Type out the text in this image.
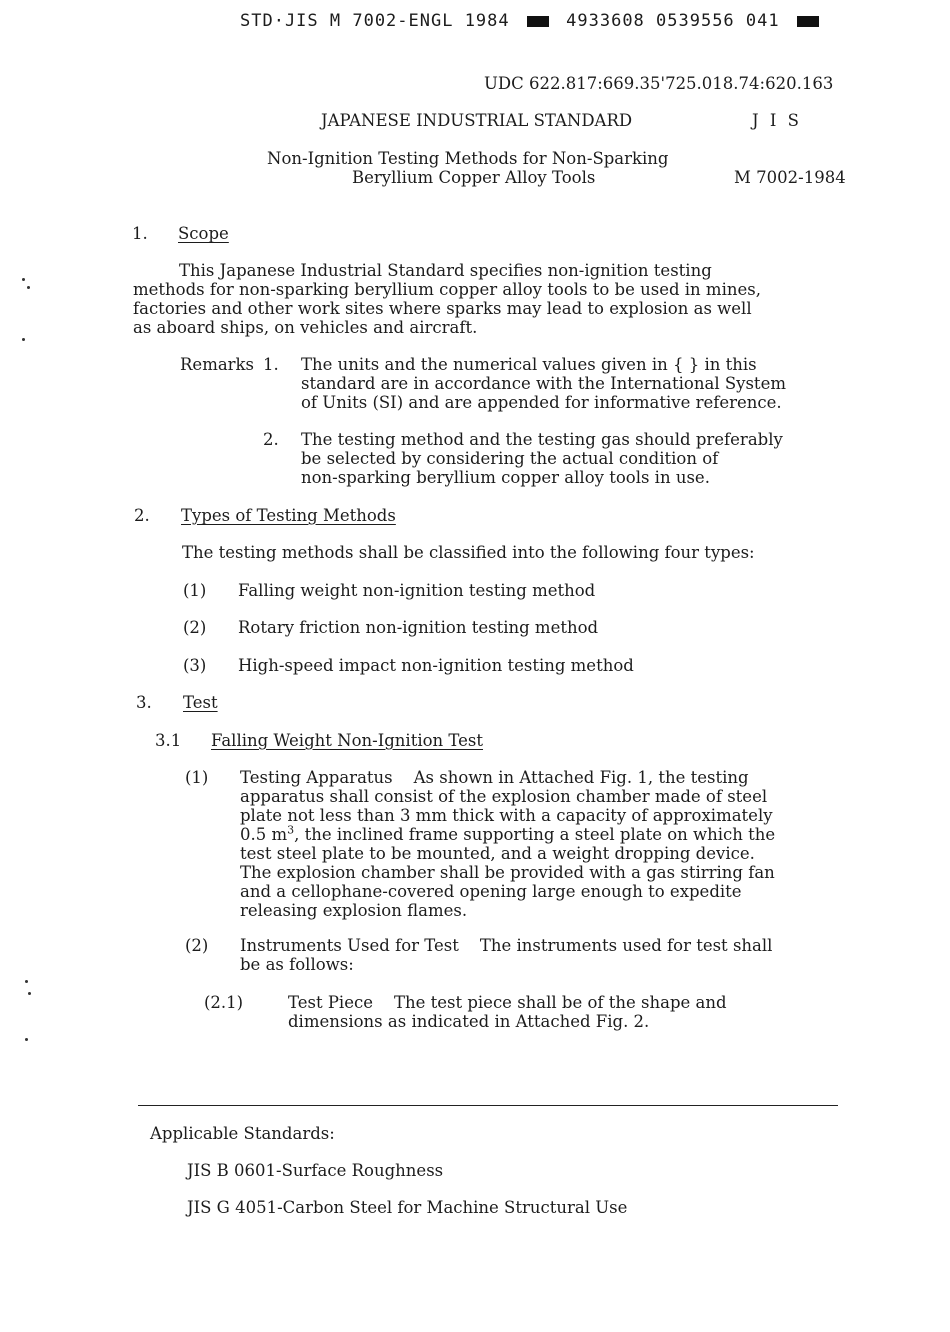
STD·JIS M 7002-ENGL 1984	4933608 0539556 041
UDC 622.817:669.35'725.018.74:620.163
JAPANESE INDUSTRIAL STANDARD	J I S
Non-Ignition Testing Methods for Non-Sparking
Beryllium Copper Alloy Tools	M 7002-1984
1. Scope
This Japanese Industrial Standard specifies non-ignition testing
methods for non-sparking beryllium copper alloy tools to be used in mines,
factories and other work sites where sparks may lead to explosion as well
as aboard ships, on vehicles and aircraft.
Remarks 1. The units and the numerical values given in { } in this
standard are in accordance with the International System
of Units (SI) and are appended for informative reference.
2. The testing method and the testing gas should preferably
be selected by considering the actual condition of
non-sparking beryllium copper alloy tools in use.
2. Types of Testing Methods
The testing methods shall be classified into the following four types:
(1) Falling weight non-ignition testing method
(2) Rotary friction non-ignition testing method
(3) High-speed impact non-ignition testing method
3. Test
3.1 Falling Weight Non-Ignition Test
(1) Testing Apparatus    As shown in Attached Fig. 1, the testing
apparatus shall consist of the explosion chamber made of steel
plate not less than 3 mm thick with a capacity of approximately
0.5 $m^3$, the inclined frame supporting a steel plate on which the
test steel plate to be mounted, and a weight dropping device.
The explosion chamber shall be provided with a gas stirring fan
and a cellophane-covered opening large enough to expedite
releasing explosion flames.
(2) Instruments Used for Test    The instruments used for test shall
be as follows:
(2.1)	Test Piece    The test piece shall be of the shape and
dimensions as indicated in Attached Fig. 2.
Applicable Standards:
JIS B 0601-Surface Roughness
JIS G 4051-Carbon Steel for Machine Structural Use
